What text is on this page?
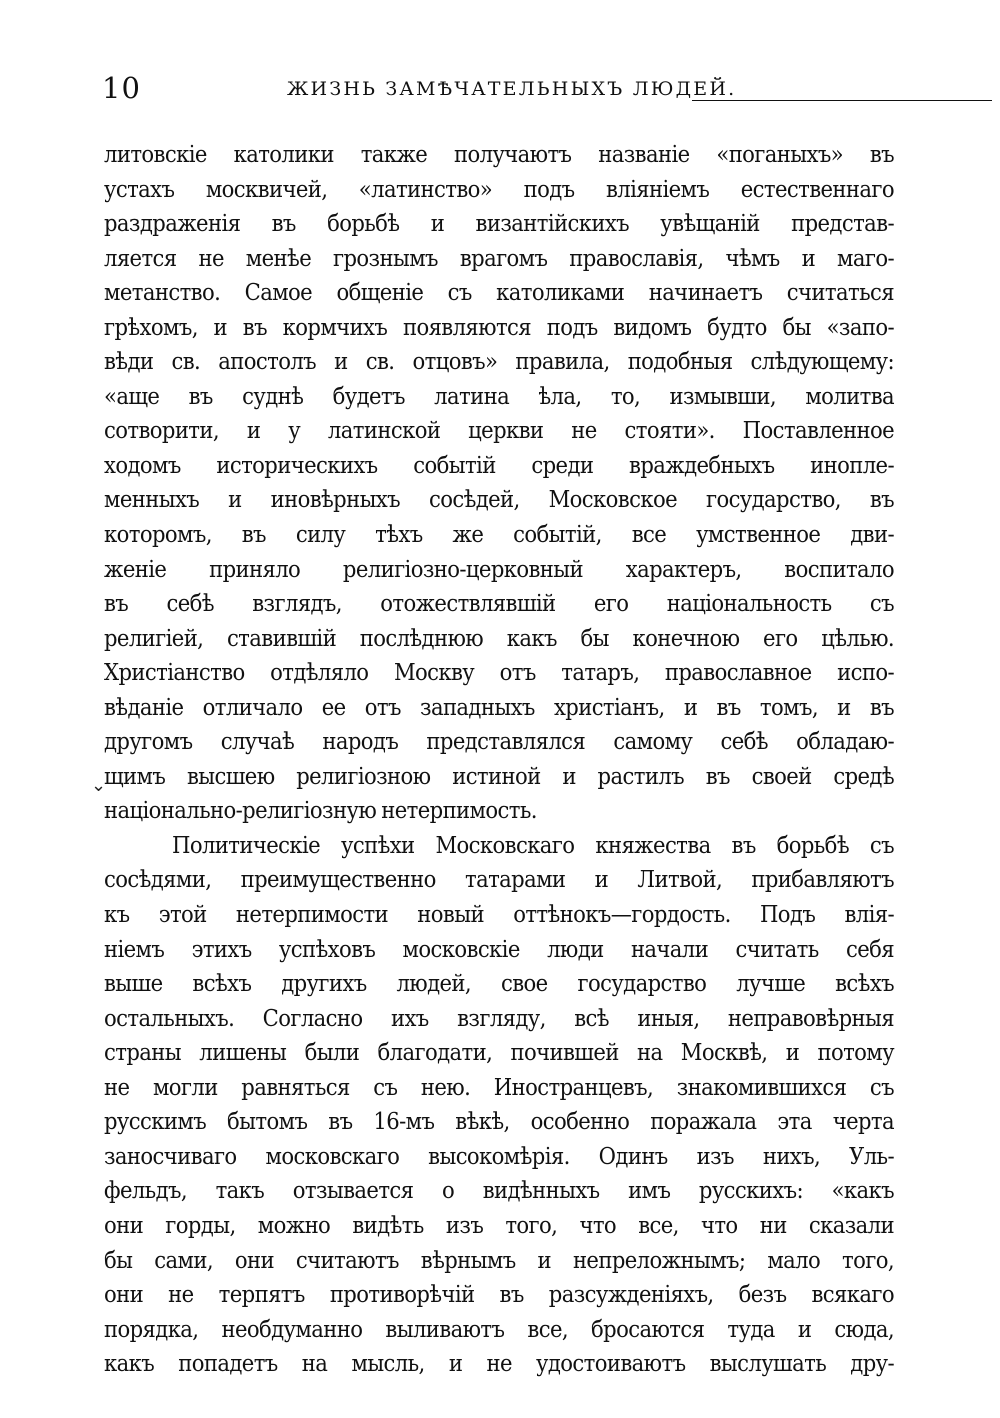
10	ЖИЗНЬ ЗАМѢЧАТЕЛЬНЫХЪ ЛЮДЕЙ.
литовскіе католики также получаютъ названіе «поганыхъ» въ
устахъ москвичей, «латинство» подъ вліяніемъ естественнаго
раздраженія въ борьбѣ и византійскихъ увѣщаній представ-
ляется не менѣе грознымъ врагомъ православія, чѣмъ и маго-
метанство. Самое общеніе съ католиками начинаетъ считаться
грѣхомъ, и въ кормчихъ появляются подъ видомъ будто бы «запо-
вѣди св. апостолъ и св. отцовъ» правила, подобныя слѣдующему:
«аще въ суднѣ будетъ латина ѣла, то, измывши, молитва
сотворити, и у латинской церкви не стояти». Поставленное
ходомъ историческихъ событій среди враждебныхъ инопле-
менныхъ и иновѣрныхъ сосѣдей, Московское государство, въ
которомъ, въ силу тѣхъ же событій, все умственное дви-
женіе приняло религіозно-церковный характеръ, воспитало
въ себѣ взглядъ, отожествлявшій его національность съ
религіей, ставившій послѣднюю какъ бы конечною его цѣлью.
Христіанство отдѣляло Москву отъ татаръ, православное испо-
вѣданіе отличало ее отъ западныхъ христіанъ, и въ томъ, и въ
другомъ случаѣ народъ представлялся самому себѣ обладаю-
щимъ высшею религіозною истиной и растилъ въ своей средѣ
національно-религіозную нетерпимость.
Политическіе успѣхи Московскаго княжества въ борьбѣ съ
сосѣдями, преимущественно татарами и Литвой, прибавляютъ
къ этой нетерпимости новый оттѣнокъ—гордость. Подъ влія-
ніемъ этихъ успѣховъ московскіе люди начали считать себя
выше всѣхъ другихъ людей, свое государство лучше всѣхъ
остальныхъ. Согласно ихъ взгляду, всѣ иныя, неправовѣрныя
страны лишены были благодати, почившей на Москвѣ, и потому
не могли равняться съ нею. Иностранцевъ, знакомившихся съ
русскимъ бытомъ въ 16-мъ вѣкѣ, особенно поражала эта черта
заносчиваго московскаго высокомѣрія. Одинъ изъ нихъ, Уль-
фельдъ, такъ отзывается о видѣнныхъ имъ русскихъ: «какъ
они горды, можно видѣть изъ того, что все, что ни сказали
бы сами, они считаютъ вѣрнымъ и непреложнымъ; мало того,
они не терпятъ противорѣчій въ разсужденіяхъ, безъ всякаго
порядка, необдуманно выливаютъ все, бросаются туда и сюда,
какъ попадетъ на мысль, и не удостоиваютъ выслушать дру-
⌄
